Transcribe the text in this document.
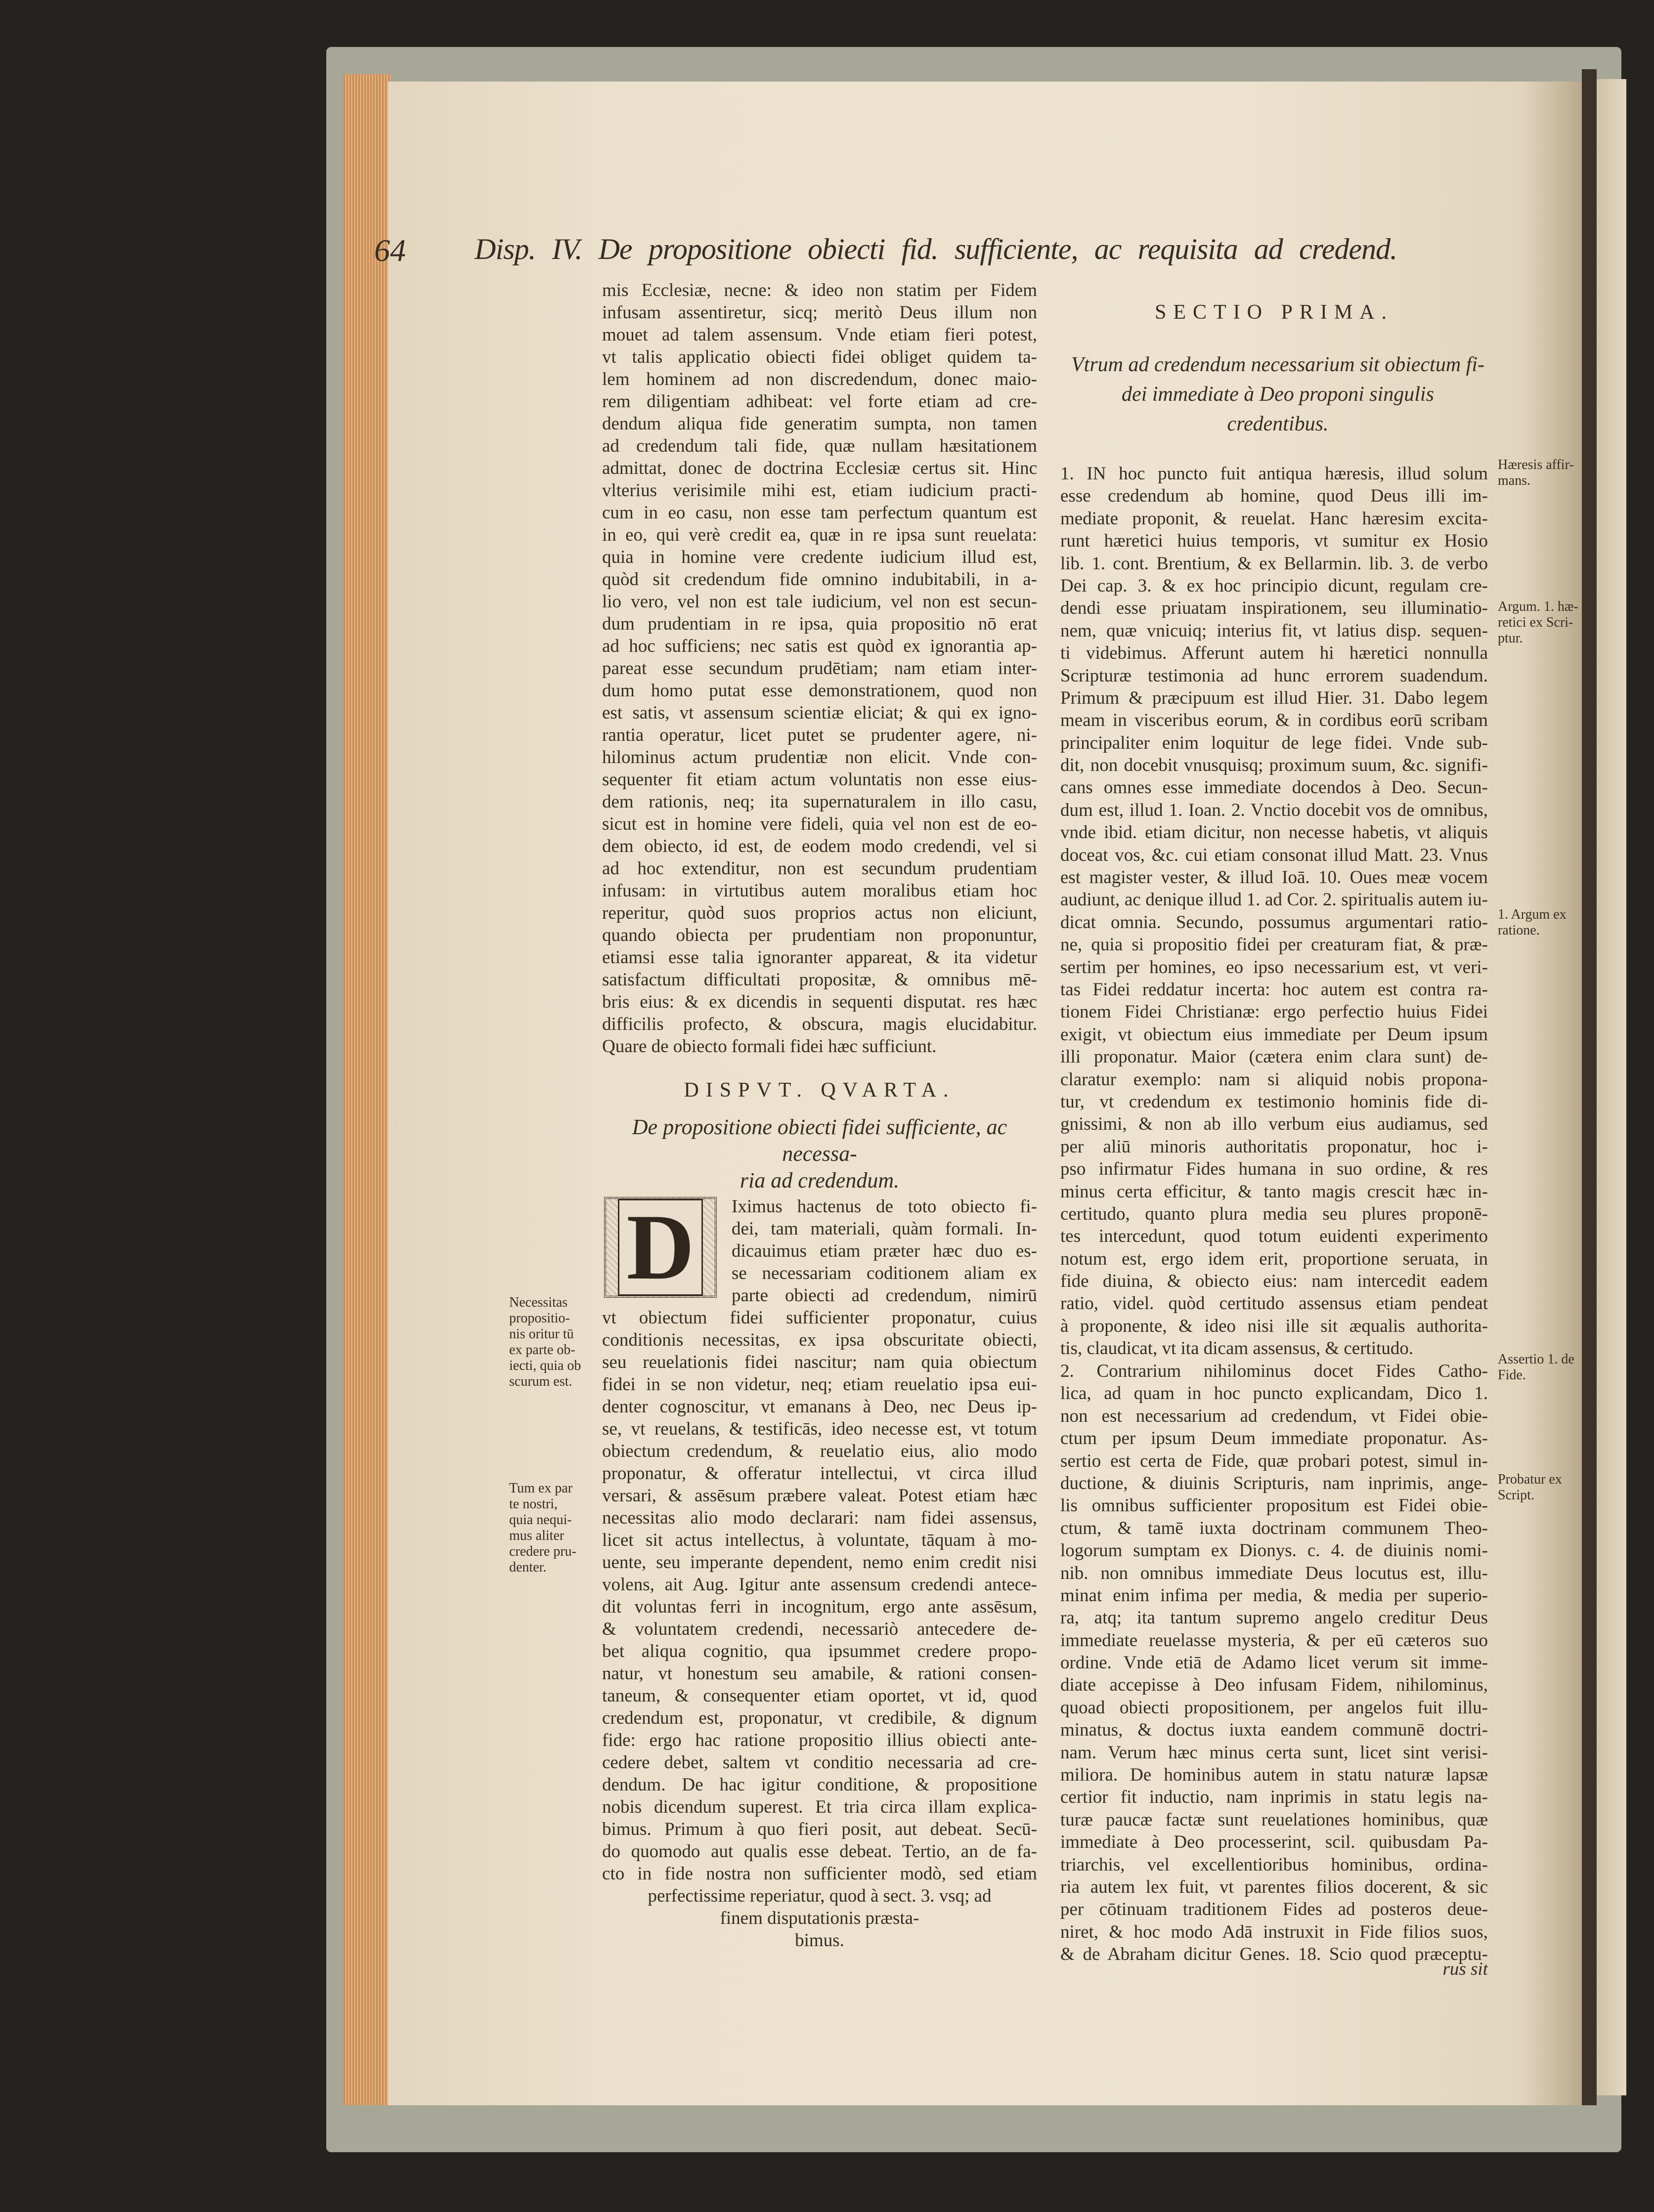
64 Disp. IV. De propositione obiecti fid. sufficiente, ac requisita ad credend.
mis Ecclesiæ, necne: & ideo non statim per Fidem
infusam assentiretur, sicq; meritò Deus illum non
mouet ad talem assensum. Vnde etiam fieri potest,
vt talis applicatio obiecti fidei obliget quidem ta-
lem hominem ad non discredendum, donec maio-
rem diligentiam adhibeat: vel forte etiam ad cre-
dendum aliqua fide generatim sumpta, non tamen
ad credendum tali fide, quæ nullam hæsitationem
admittat, donec de doctrina Ecclesiæ certus sit. Hinc
vlterius verisimile mihi est, etiam iudicium practi-
cum in eo casu, non esse tam perfectum quantum est
in eo, qui verè credit ea, quæ in re ipsa sunt reuelata:
quia in homine vere credente iudicium illud est,
quòd sit credendum fide omnino indubitabili, in a-
lio vero, vel non est tale iudicium, vel non est secun-
dum prudentiam in re ipsa, quia propositio nō erat
ad hoc sufficiens; nec satis est quòd ex ignorantia ap-
pareat esse secundum prudētiam; nam etiam inter-
dum homo putat esse demonstrationem, quod non
est satis, vt assensum scientiæ eliciat; & qui ex igno-
rantia operatur, licet putet se prudenter agere, ni-
hilominus actum prudentiæ non elicit. Vnde con-
sequenter fit etiam actum voluntatis non esse eius-
dem rationis, neq; ita supernaturalem in illo casu,
sicut est in homine vere fideli, quia vel non est de eo-
dem obiecto, id est, de eodem modo credendi, vel si
ad hoc extenditur, non est secundum prudentiam
infusam: in virtutibus autem moralibus etiam hoc
reperitur, quòd suos proprios actus non eliciunt,
quando obiecta per prudentiam non proponuntur,
etiamsi esse talia ignoranter appareat, & ita videtur
satisfactum difficultati propositæ, & omnibus mē-
bris eius: & ex dicendis in sequenti disputat. res hæc
difficilis profecto, & obscura, magis elucidabitur.
Quare de obiecto formali fidei hæc sufficiunt.
DISPVT. QVARTA.
De propositione obiecti fidei sufficiente, ac necessa-
ria ad credendum.
D	Iximus hactenus de toto obiecto fi-
dei, tam materiali, quàm formali. In-
dicauimus etiam præter hæc duo es-
se necessariam coditionem aliam ex
parte obiecti ad credendum, nimirū
vt obiectum fidei sufficienter proponatur, cuius
conditionis necessitas, ex ipsa obscuritate obiecti,
seu reuelationis fidei nascitur; nam quia obiectum
fidei in se non videtur, neq; etiam reuelatio ipsa eui-
denter cognoscitur, vt emanans à Deo, nec Deus ip-
se, vt reuelans, & testificās, ideo necesse est, vt totum
obiectum credendum, & reuelatio eius, alio modo
proponatur, & offeratur intellectui, vt circa illud
versari, & assēsum præbere valeat. Potest etiam hæc
necessitas alio modo declarari: nam fidei assensus,
licet sit actus intellectus, à voluntate, tāquam à mo-
uente, seu imperante dependent, nemo enim credit nisi
volens, ait Aug. Igitur ante assensum credendi antece-
dit voluntas ferri in incognitum, ergo ante assēsum,
& voluntatem credendi, necessariò antecedere de-
bet aliqua cognitio, qua ipsummet credere propo-
natur, vt honestum seu amabile, & rationi consen-
taneum, & consequenter etiam oportet, vt id, quod
credendum est, proponatur, vt credibile, & dignum
fide: ergo hac ratione propositio illius obiecti ante-
cedere debet, saltem vt conditio necessaria ad cre-
dendum. De hac igitur conditione, & propositione
nobis dicendum superest. Et tria circa illam explica-
bimus. Primum à quo fieri posit, aut debeat. Secū-
do quomodo aut qualis esse debeat. Tertio, an de fa-
cto in fide nostra non sufficienter modò, sed etiam
perfectissime reperiatur, quod à sect. 3. vsq; ad
finem disputationis præsta-
bimus.
Necessitas
propositio-
nis oritur tū
ex parte ob-
iecti, quia ob
scurum est.
Tum ex par
te nostri,
quia nequi-
mus aliter
credere pru-
denter.
SECTIO PRIMA.
Vtrum ad credendum necessarium sit obiectum fi-
dei immediate à Deo proponi singulis
credentibus.
1. IN hoc puncto fuit antiqua hæresis, illud solum
esse credendum ab homine, quod Deus illi im-
mediate proponit, & reuelat. Hanc hæresim excita-
runt hæretici huius temporis, vt sumitur ex Hosio
lib. 1. cont. Brentium, & ex Bellarmin. lib. 3. de verbo
Dei cap. 3. & ex hoc principio dicunt, regulam cre-
dendi esse priuatam inspirationem, seu illuminatio-
nem, quæ vnicuiq; interius fit, vt latius disp. sequen-
ti videbimus. Afferunt autem hi hæretici nonnulla
Scripturæ testimonia ad hunc errorem suadendum.
Primum & præcipuum est illud Hier. 31. Dabo legem
meam in visceribus eorum, & in cordibus eorū scribam
principaliter enim loquitur de lege fidei. Vnde sub-
dit, non docebit vnusquisq; proximum suum, &c. signifi-
cans omnes esse immediate docendos à Deo. Secun-
dum est, illud 1. Ioan. 2. Vnctio docebit vos de omnibus,
vnde ibid. etiam dicitur, non necesse habetis, vt aliquis
doceat vos, &c. cui etiam consonat illud Matt. 23. Vnus
est magister vester, & illud Ioā. 10. Oues meæ vocem
audiunt, ac denique illud 1. ad Cor. 2. spiritualis autem iu-
dicat omnia. Secundo, possumus argumentari ratio-
ne, quia si propositio fidei per creaturam fiat, & præ-
sertim per homines, eo ipso necessarium est, vt veri-
tas Fidei reddatur incerta: hoc autem est contra ra-
tionem Fidei Christianæ: ergo perfectio huius Fidei
exigit, vt obiectum eius immediate per Deum ipsum
illi proponatur. Maior (cætera enim clara sunt) de-
claratur exemplo: nam si aliquid nobis propona-
tur, vt credendum ex testimonio hominis fide di-
gnissimi, & non ab illo verbum eius audiamus, sed
per aliū minoris authoritatis proponatur, hoc i-
pso infirmatur Fides humana in suo ordine, & res
minus certa efficitur, & tanto magis crescit hæc in-
certitudo, quanto plura media seu plures proponē-
tes intercedunt, quod totum euidenti experimento
notum est, ergo idem erit, proportione seruata, in
fide diuina, & obiecto eius: nam intercedit eadem
ratio, videl. quòd certitudo assensus etiam pendeat
à proponente, & ideo nisi ille sit æqualis authorita-
tis, claudicat, vt ita dicam assensus, & certitudo.
2. Contrarium nihilominus docet Fides Catho-
lica, ad quam in hoc puncto explicandam, Dico 1.
non est necessarium ad credendum, vt Fidei obie-
ctum per ipsum Deum immediate proponatur. As-
sertio est certa de Fide, quæ probari potest, simul in-
ductione, & diuinis Scripturis, nam inprimis, ange-
lis omnibus sufficienter propositum est Fidei obie-
ctum, & tamē iuxta doctrinam communem Theo-
logorum sumptam ex Dionys. c. 4. de diuinis nomi-
nib. non omnibus immediate Deus locutus est, illu-
minat enim infima per media, & media per superio-
ra, atq; ita tantum supremo angelo creditur Deus
immediate reuelasse mysteria, & per eū cæteros suo
ordine. Vnde etiā de Adamo licet verum sit imme-
diate accepisse à Deo infusam Fidem, nihilominus,
quoad obiecti propositionem, per angelos fuit illu-
minatus, & doctus iuxta eandem communē doctri-
nam. Verum hæc minus certa sunt, licet sint verisi-
miliora. De hominibus autem in statu naturæ lapsæ
certior fit inductio, nam inprimis in statu legis na-
turæ paucæ factæ sunt reuelationes hominibus, quæ
immediate à Deo processerint, scil. quibusdam Pa-
triarchis, vel excellentioribus hominibus, ordina-
ria autem lex fuit, vt parentes filios docerent, & sic
per cōtinuam traditionem Fides ad posteros deue-
niret, & hoc modo Adā instruxit in Fide filios suos,
& de Abraham dicitur Genes. 18. Scio quod præceptu-
rus sit
Hæresis affir-
mans.
Argum. 1. hæ-
retici ex Scri-
ptur.
1. Argum ex
ratione.
Assertio 1. de
Fide.
Probatur ex
Script.
